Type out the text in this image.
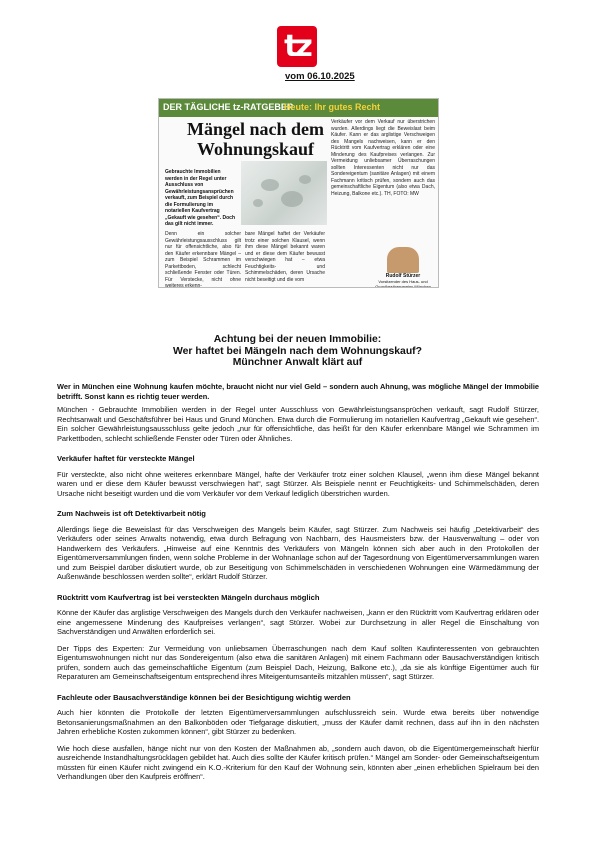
tz
vom 06.10.2025
DER TÄGLICHE tz-RATGEBER
Heute: Ihr gutes Recht
Mängel nach dem Wohnungskauf
Gebrauchte Immobilien werden in der Regel unter Ausschluss von Gewährleistungsansprüchen verkauft, zum Beispiel durch die Formulierung im notariellen Kaufvertrag „Gekauft wie gesehen“. Doch das gilt nicht immer.
Denn ein solcher Gewährleistungsausschluss gilt nur für offensichtliche, also für den Käufer erkennbare Mängel – zum Beispiel Schrammen im Parkettboden, schlecht schließende Fenster oder Türen. Für Verstecke, nicht ohne weiteres erkenn-
bare Mängel haftet der Verkäufer trotz einer solchen Klausel, wenn ihm diese Mängel bekannt waren und er diese dem Käufer bewusst verschwiegen hat – etwa Feuchtigkeits- und Schimmelschäden, deren Ursache nicht beseitigt und die vom
Verkäufer vor dem Verkauf nur überstrichen wurden. Allerdings liegt die Beweislast beim Käufer. Kann er das arglistige Verschweigen des Mangels nachweisen, kann er den Rücktritt vom Kaufvertrag erklären oder eine Minderung des Kaufpreises verlangen. Zur Vermeidung unliebsamer Überraschungen sollten Interessenten nicht nur das Sondereigentum (sanitäre Anlagen) mit einem Fachmann kritisch prüfen, sondern auch das gemeinschaftliche Eigentum (also etwa Dach, Heizung, Balkone etc.). TH, FOTO: MW
Rudolf Stürzer
Vorsitzender des Haus- und Grundbesitzervereins München
Achtung bei der neuen Immobilie:
Wer haftet bei Mängeln nach dem Wohnungskauf?
Münchner Anwalt klärt auf

Wer in München eine Wohnung kaufen möchte, braucht nicht nur viel Geld – sondern auch Ahnung, was mögliche Mängel der Immobilie betrifft. Sonst kann es richtig teuer werden.

München - Gebrauchte Immobilien werden in der Regel unter Ausschluss von Gewährleistungsansprüchen verkauft, sagt Rudolf Stürzer, Rechtsanwalt und Geschäftsführer bei Haus und Grund München. Etwa durch die Formulierung im notariellen Kaufvertrag „Gekauft wie gesehen“. Ein solcher Gewährleistungsausschluss gelte jedoch „nur für offensichtliche, das heißt für den Käufer erkennbare Mängel wie Schrammen im Parkettboden, schlecht schließende Fenster oder Türen oder Ähnliches.

Verkäufer haftet für versteckte Mängel

Für versteckte, also nicht ohne weiteres erkennbare Mängel, hafte der Verkäufer trotz einer solchen Klausel, „wenn ihm diese Mängel bekannt waren und er diese dem Käufer bewusst verschwiegen hat“, sagt Stürzer. Als Beispiele nennt er Feuchtigkeits- und Schimmelschäden, deren Ursache nicht beseitigt wurden und die vom Verkäufer vor dem Verkauf lediglich überstrichen wurden.

Zum Nachweis ist oft Detektivarbeit nötig

Allerdings liege die Beweislast für das Verschweigen des Mangels beim Käufer, sagt Stürzer. Zum Nachweis sei häufig „Detektivarbeit“ des Verkäufers oder seines Anwalts notwendig, etwa durch Befragung von Nachbarn, des Hausmeisters bzw. der Hausverwaltung – oder von Handwerkern des Verkäufers. „Hinweise auf eine Kenntnis des Verkäufers von Mängeln können sich aber auch in den Protokollen der Eigentümerversammlungen finden, wenn solche Probleme in der Wohnanlage schon auf der Tagesordnung von Eigentümerversammlungen waren und zum Beispiel darüber diskutiert wurde, ob zur Beseitigung von Schimmelschäden in verschiedenen Wohnungen eine Wärmedämmung der Außenwände beschlossen werden sollte“, erklärt Rudolf Stürzer.

Rücktritt vom Kaufvertrag ist bei versteckten Mängeln durchaus möglich

Könne der Käufer das arglistige Verschweigen des Mangels durch den Verkäufer nachweisen, „kann er den Rücktritt vom Kaufvertrag erklären oder eine angemessene Minderung des Kaufpreises verlangen“, sagt Stürzer. Wobei zur Durchsetzung in aller Regel die Einschaltung von Sachverständigen und Anwälten erforderlich sei.

Der Tipps des Experten: Zur Vermeidung von unliebsamen Überraschungen nach dem Kauf sollten Kaufinteressenten von gebrauchten Eigentumswohnungen nicht nur das Sondereigentum (also etwa die sanitären Anlagen) mit einem Fachmann oder Bausachverständigen kritisch prüfen, sondern auch das gemeinschaftliche Eigentum (zum Beispiel Dach, Heizung, Balkone etc.), „da sie als künftige Eigentümer auch für Reparaturen am Gemeinschaftseigentum entsprechend ihres Miteigentumsanteils mitzahlen müssen“, sagt Stürzer.

Fachleute oder Bausachverständige können bei der Besichtigung wichtig werden

Auch hier könnten die Protokolle der letzten Eigentümerversammlungen aufschlussreich sein. Wurde etwa bereits über notwendige Betonsanierungsmaßnahmen an den Balkonböden oder Tiefgarage diskutiert, „muss der Käufer damit rechnen, dass auf ihn in den nächsten Jahren erhebliche Kosten zukommen können“, gibt Stürzer zu bedenken.

Wie hoch diese ausfallen, hänge nicht nur von den Kosten der Maßnahmen ab, „sondern auch davon, ob die Eigentümergemeinschaft hierfür ausreichende Instandhaltungsrücklagen gebildet hat. Auch dies sollte der Käufer kritisch prüfen.“ Mängel am Sonder- oder Gemeinschaftseigentum müssten für einen Käufer nicht zwingend ein K.O.-Kriterium für den Kauf der Wohnung sein, könnten aber „einen erheblichen Spielraum bei den Verhandlungen über den Kaufpreis eröffnen“.
